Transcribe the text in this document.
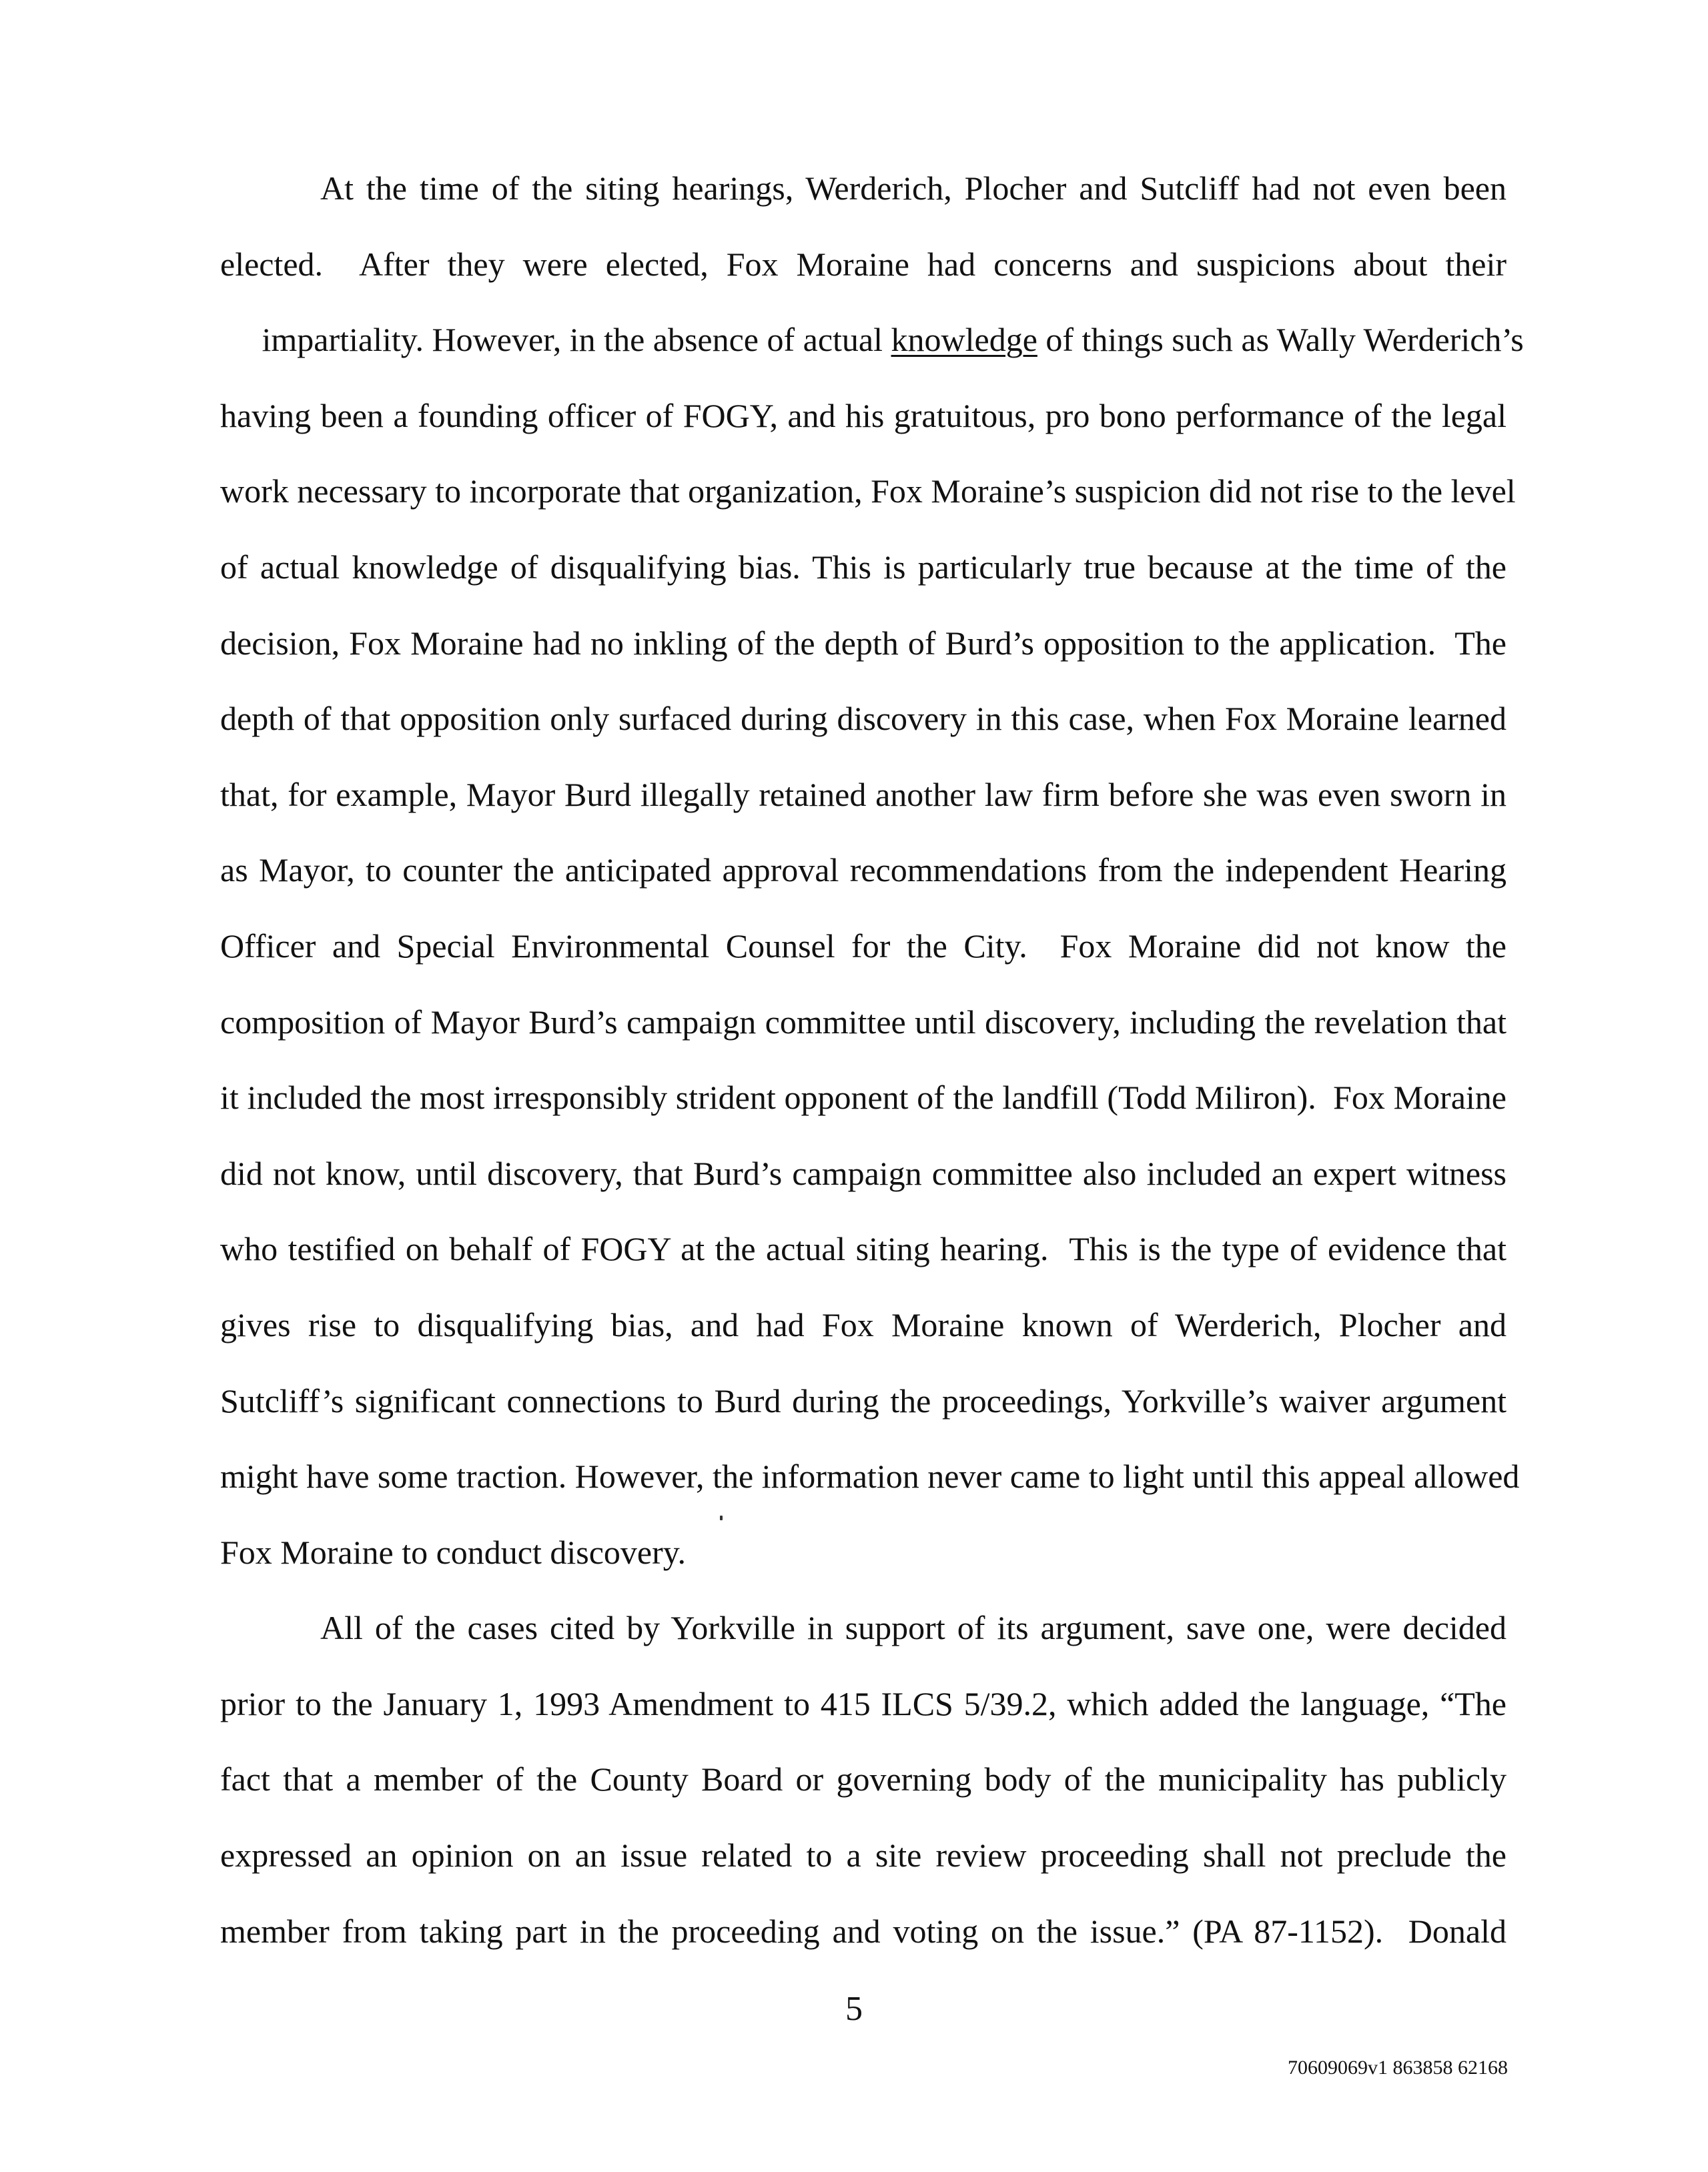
At the time of the siting hearings, Werderich, Plocher and Sutcliff had not even been
elected.  After they were elected, Fox Moraine had concerns and suspicions about their
impartiality. However, in the absence of actual knowledge of things such as Wally Werderich’s
having been a founding officer of FOGY, and his gratuitous, pro bono performance of the legal
work necessary to incorporate that organization, Fox Moraine’s suspicion did not rise to the level
of actual knowledge of disqualifying bias. This is particularly true because at the time of the
decision, Fox Moraine had no inkling of the depth of Burd’s opposition to the application.  The
depth of that opposition only surfaced during discovery in this case, when Fox Moraine learned
that, for example, Mayor Burd illegally retained another law firm before she was even sworn in
as Mayor, to counter the anticipated approval recommendations from the independent Hearing
Officer and Special Environmental Counsel for the City.  Fox Moraine did not know the
composition of Mayor Burd’s campaign committee until discovery, including the revelation that
it included the most irresponsibly strident opponent of the landfill (Todd Miliron).  Fox Moraine
did not know, until discovery, that Burd’s campaign committee also included an expert witness
who testified on behalf of FOGY at the actual siting hearing.  This is the type of evidence that
gives rise to disqualifying bias, and had Fox Moraine known of Werderich, Plocher and
Sutcliff’s significant connections to Burd during the proceedings, Yorkville’s waiver argument
might have some traction. However, the information never came to light until this appeal allowed
Fox Moraine to conduct discovery.
All of the cases cited by Yorkville in support of its argument, save one, were decided
prior to the January 1, 1993 Amendment to 415 ILCS 5/39.2, which added the language, “The
fact that a member of the County Board or governing body of the municipality has publicly
expressed an opinion on an issue related to a site review proceeding shall not preclude the
member from taking part in the proceeding and voting on the issue.” (PA 87-1152).  Donald
5
70609069v1 863858 62168
